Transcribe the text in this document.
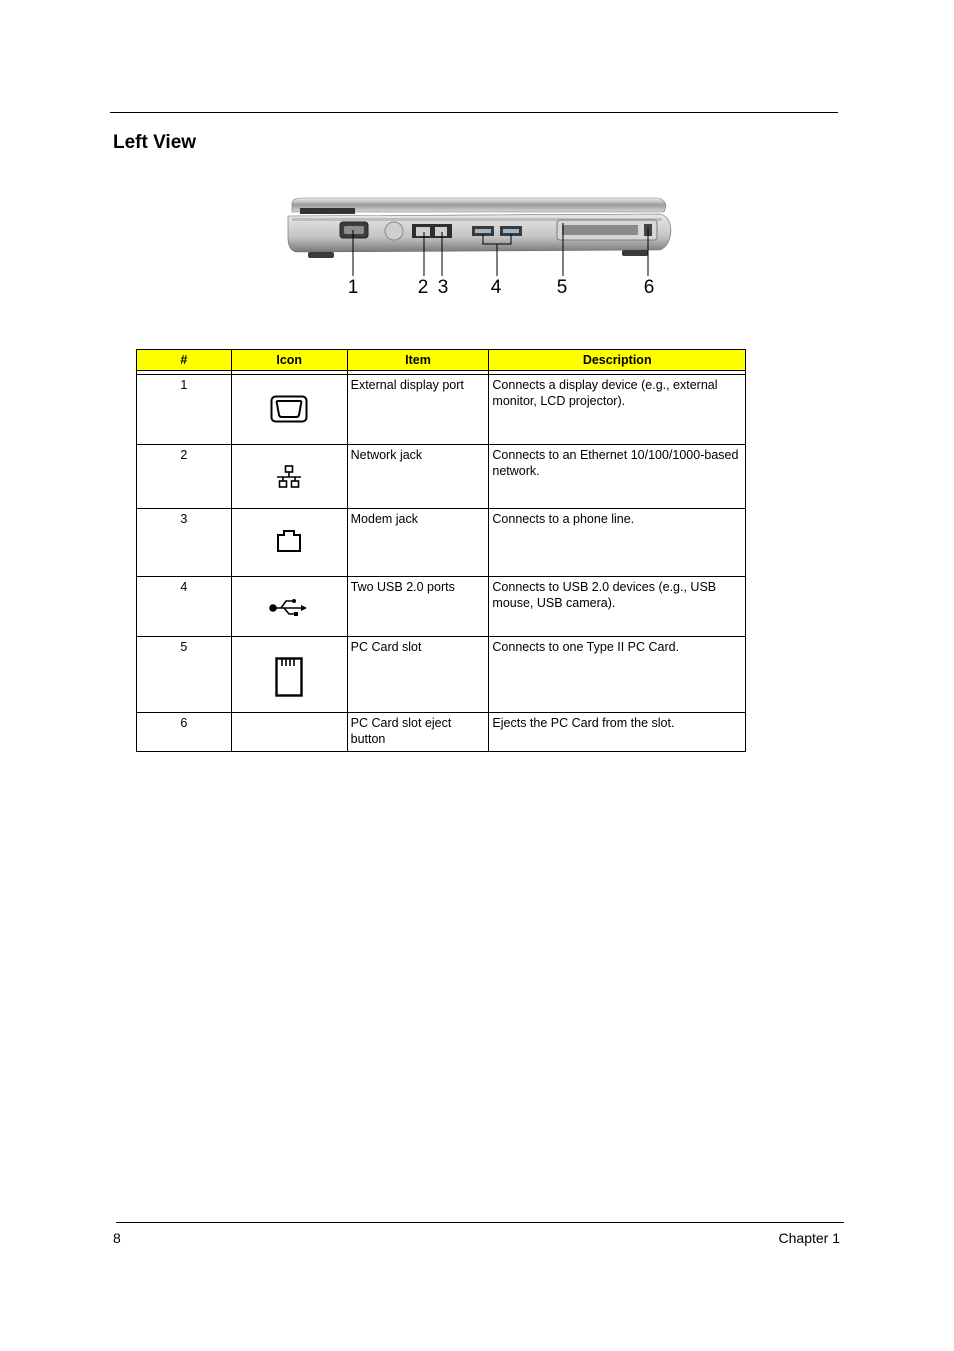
Left View
1	2 3 4	5	6
#	Icon	Item	Description

1		External display port	Connects a display device (e.g., external monitor, LCD projector).
2		Network jack	Connects to an Ethernet 10/100/1000-based network.
3		Modem jack	Connects to a phone line.
4		Two USB 2.0 ports	Connects to USB 2.0 devices (e.g., USB mouse, USB camera).
5		PC Card slot	Connects to one Type II PC Card.
6		PC Card slot eject button	Ejects the PC Card from the slot.
8	Chapter 1
